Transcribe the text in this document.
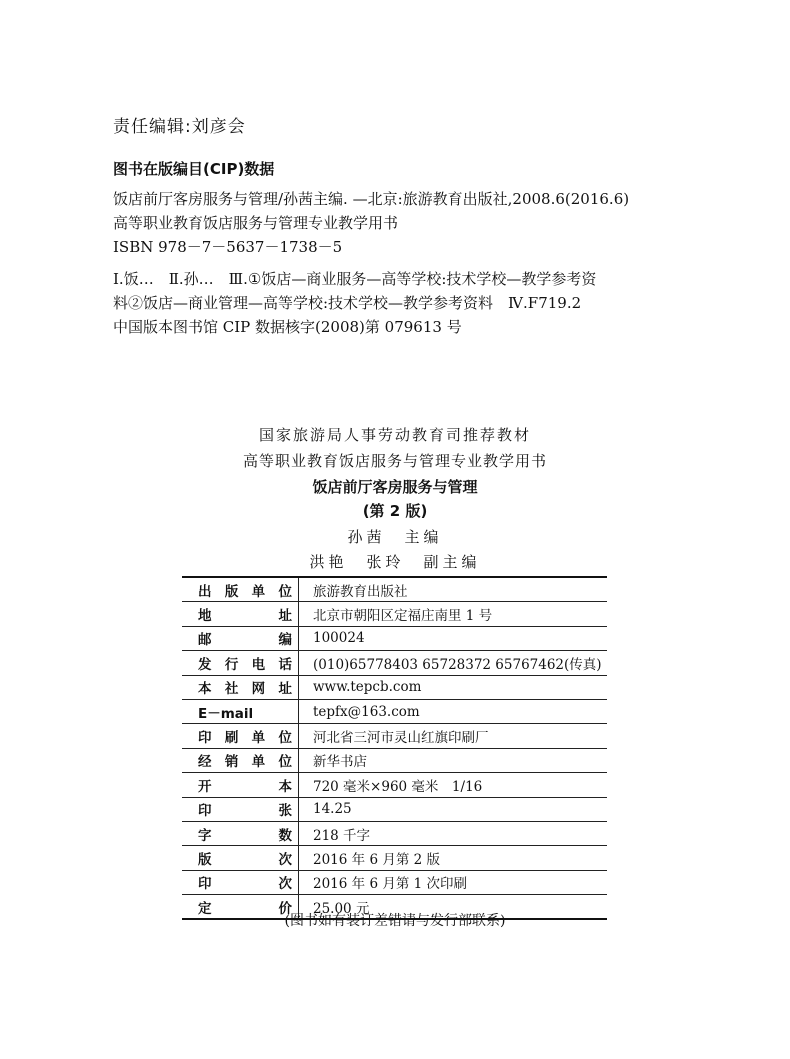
责任编辑:刘彦会
图书在版编目(CIP)数据
饭店前厅客房服务与管理/孙茜主编. —北京:旅游教育出版社,2008.6(2016.6)
高等职业教育饭店服务与管理专业教学用书
ISBN 978－7－5637－1738－5
Ⅰ.饭…　Ⅱ.孙…　Ⅲ.①饭店—商业服务—高等学校:技术学校—教学参考资
料②饭店—商业管理—高等学校:技术学校—教学参考资料　Ⅳ.F719.2
中国版本图书馆 CIP 数据核字(2008)第 079613 号
国家旅游局人事劳动教育司推荐教材
高等职业教育饭店服务与管理专业教学用书
饭店前厅客房服务与管理
(第 2 版)
孙茜　主编
洪艳　张玲　副主编
出版单位	旅游教育出版社
地址	北京市朝阳区定福庄南里 1 号
邮编	100024
发行电话	(010)65778403 65728372 65767462(传真)
本社网址	www.tepcb.com
E－mail	tepfx@163.com
印刷单位	河北省三河市灵山红旗印刷厂
经销单位	新华书店
开本	720 毫米×960 毫米　1/16
印张	14.25
字数	218 千字
版次	2016 年 6 月第 2 版
印次	2016 年 6 月第 1 次印刷
定价	25.00 元
(图书如有装订差错请与发行部联系)
